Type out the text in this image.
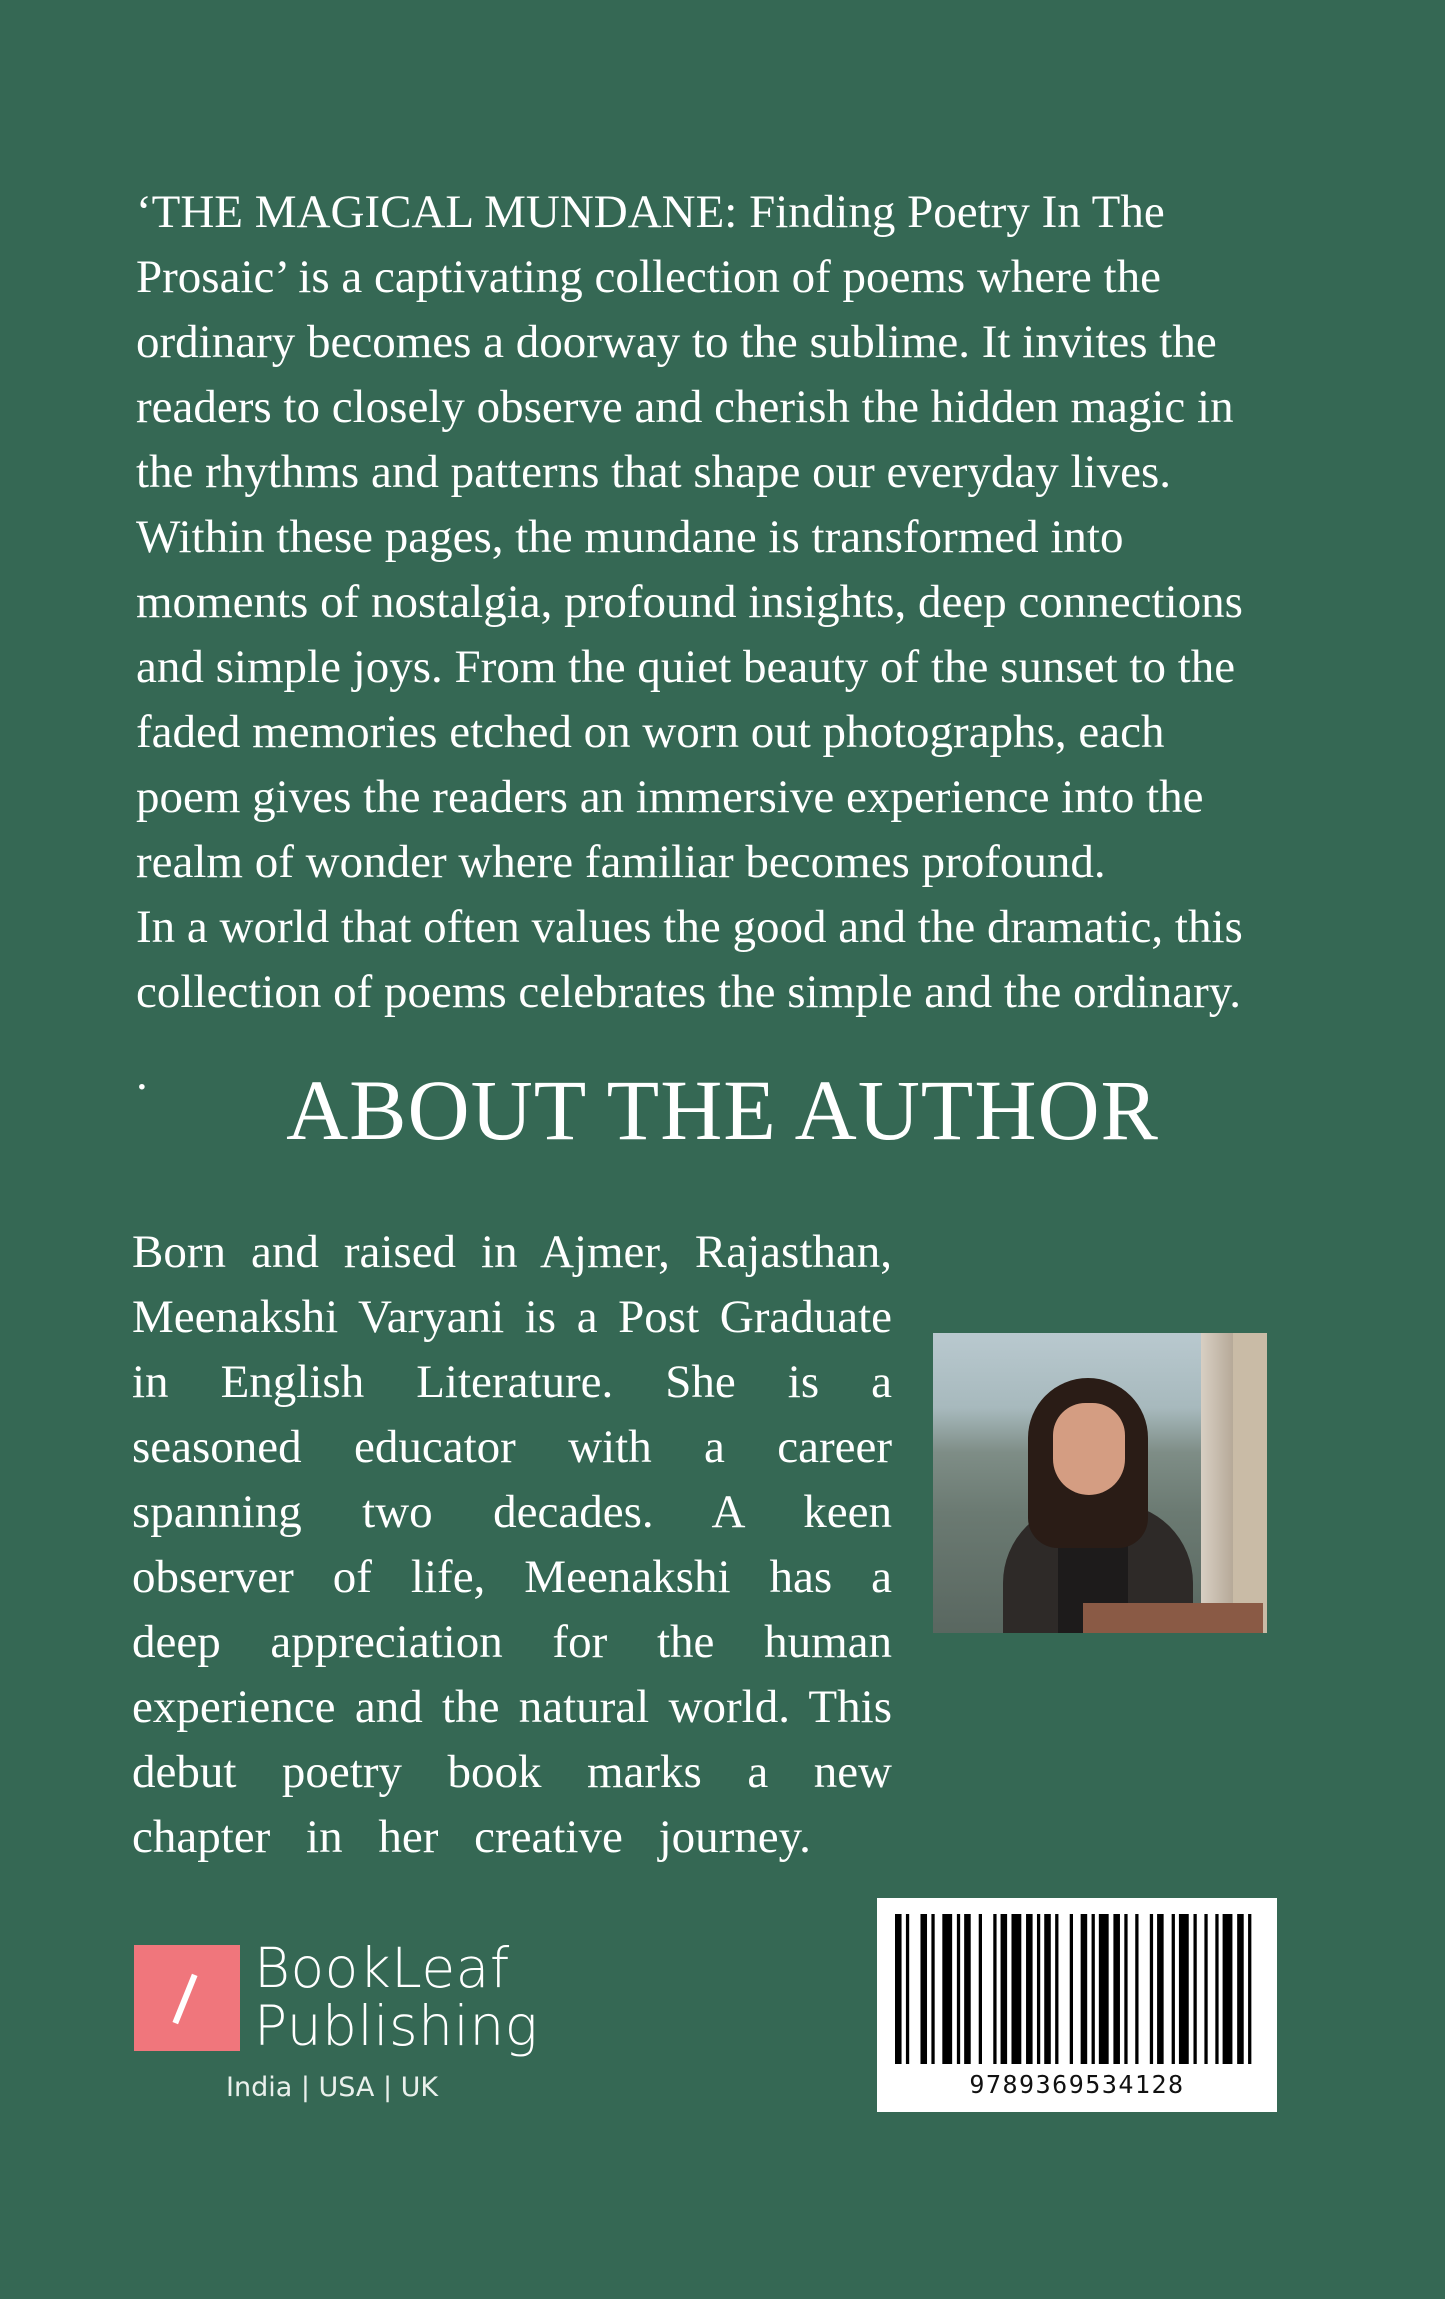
‘THE MAGICAL MUNDANE: Finding Poetry In The

Prosaic’ is a captivating collection of poems where the

ordinary becomes a doorway to the sublime. It invites the

readers to closely observe and cherish the hidden magic in

the rhythms and patterns that shape our everyday lives.

Within these pages, the mundane is transformed into

moments of nostalgia, profound insights, deep connections

and simple joys. From the quiet beauty of the sunset to the

faded memories etched on worn out photographs, each

poem gives the readers an immersive experience into the

realm of wonder where familiar becomes profound.

In a world that often values the good and the dramatic, this

collection of poems celebrates the simple and the ordinary.

.	ABOUT THE AUTHOR
Born and raised in Ajmer, Rajasthan,
Meenakshi Varyani is a Post Graduate
in English Literature. She is a
seasoned educator with a career
spanning two decades. A keen
observer of life, Meenakshi has a
deep appreciation for the human
experience and the natural world. This
debut poetry book marks a new
chapter in her creative journey.
BookLeaf
Publishing
India | USA | UK	9789369534128
